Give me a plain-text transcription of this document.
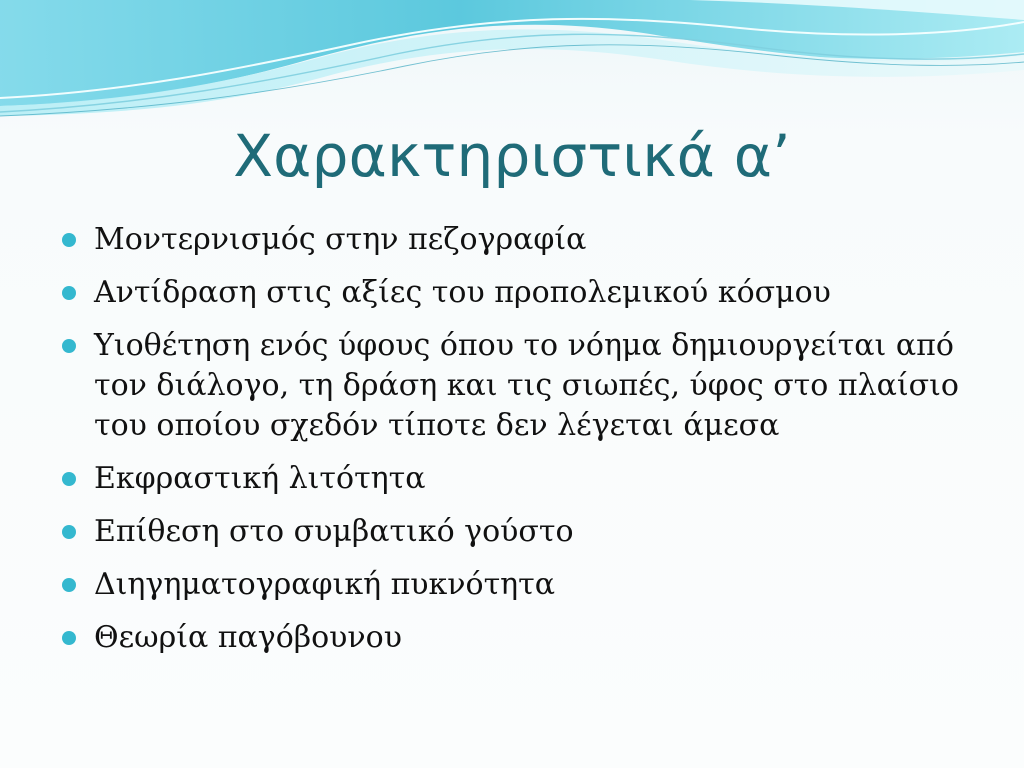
Χαρακτηριστικά α’
Μοντερνισμός στην πεζογραφία
Αντίδραση στις αξίες του προπολεμικού κόσμου
Υιοθέτηση ενός ύφους όπου το νόημα δημιουργείται από τον διάλογο, τη δράση και τις σιωπές, ύφος στο πλαίσιο του οποίου σχεδόν τίποτε δεν λέγεται άμεσα
Εκφραστική λιτότητα
Επίθεση στο συμβατικό γούστο
Διηγηματογραφική πυκνότητα
Θεωρία παγόβουνου
